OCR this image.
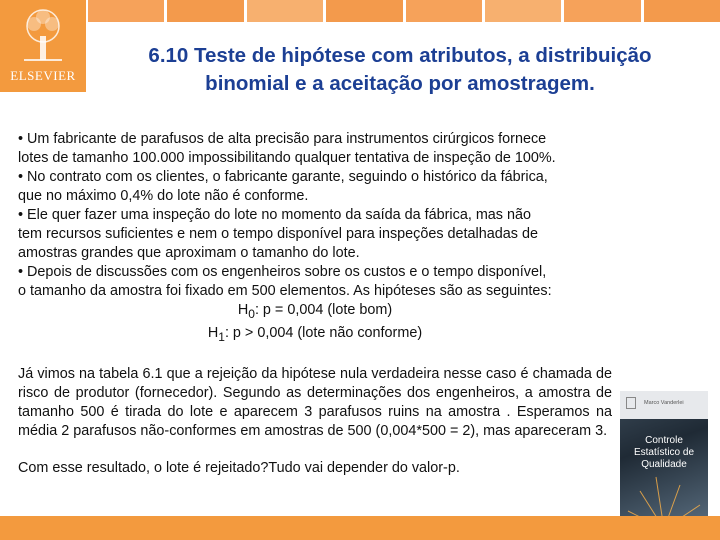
ELSEVIER
6.10 Teste de hipótese com atributos, a distribuição
binomial e a aceitação por amostragem.

• Um fabricante de parafusos de alta precisão para instrumentos cirúrgicos fornece

lotes de tamanho 100.000 impossibilitando qualquer tentativa de inspeção de 100%.

• No contrato com os clientes, o fabricante garante, seguindo o histórico da fábrica,

que no máximo 0,4% do lote não é conforme.

• Ele quer fazer uma inspeção do lote no momento da saída da fábrica, mas não

tem recursos suficientes e nem o tempo disponível para inspeções detalhadas de

amostras grandes que aproximam o tamanho do lote.

• Depois de discussões com os engenheiros sobre os custos e o tempo disponível,

o tamanho da amostra foi fixado em 500 elementos. As hipóteses são as seguintes:

$H_0$: p = 0,004 (lote bom)

$H_1$: p > 0,004 (lote não conforme)

Já vimos na tabela 6.1 que a rejeição da hipótese nula verdadeira nesse caso é chamada de risco de produtor (fornecedor). Segundo as determinações dos engenheiros, a amostra de tamanho 500 é tirada do lote e aparecem 3 parafusos ruins na amostra . Esperamos na média 2 parafusos não-conformes em amostras de 500 (0,004*500 = 2), mas apareceram 3.

Com esse resultado, o lote é rejeitado?Tudo vai depender do valor-p.

Marco Vanderlei
Controle
Estatístico de
Qualidade
